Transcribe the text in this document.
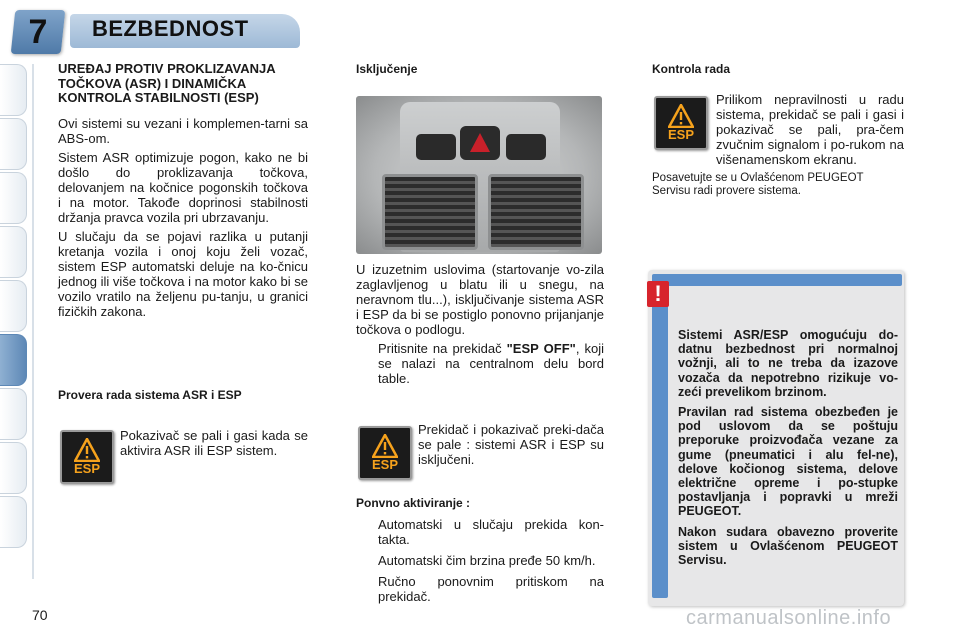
7	BEZBEDNOST
UREĐAJ PROTIV PROKLIZAVANJA TOČKOVA (ASR) I DINAMIČKA KONTROLA STABILNOSTI (ESP)

Ovi sistemi su vezani i komplemen-tarni sa ABS-om.

Sistem ASR optimizuje pogon, kako ne bi došlo do proklizavanja točkova, delovanjem na kočnice pogonskih točkova i na motor. Takođe doprinosi stabilnosti držanja pravca vozila pri ubrzavanju.

U slučaju da se pojavi razlika u putanji kretanja vozila i onoj koju želi vozač, sistem ESP automatski deluje na ko-čnicu jednog ili više točkova i na motor kako bi se vozilo vratilo na željenu pu-tanju, u granici fizičkih zakona.

Provera rada sistema ASR i ESP
ESP

Pokazivač se pali i gasi kada se aktivira ASR ili ESP sistem.

Isključenje

U izuzetnim uslovima (startovanje vo-zila zaglavljenog u blatu ili u snegu, na neravnom tlu...), isključivanje sistema ASR i ESP da bi se postiglo ponovno prijanjanje točkova o podlogu.

Pritisnite na prekidač "ESP OFF", koji se nalazi na centralnom delu bord table.
ESP

Prekidač i pokazivač preki-dača se pale : sistemi ASR i ESP su isključeni.

Ponvno aktiviranje :
Automatski u slučaju prekida kon-takta.
Automatski čim brzina pređe 50 km/h.
Ručno ponovnim pritiskom na prekidač.
Kontrola rada
ESP

Prilikom nepravilnosti u radu sistema, prekidač se pali i gasi i pokazivač se pali, pra-čem zvučnim signalom i po-rukom na višenamenskom ekranu.

Posavetujte se u Ovlašćenom PEUGEOT Servisu radi provere sistema.

!

Sistemi ASR/ESP omogućuju do-datnu bezbednost pri normalnoj vožnji, ali to ne treba da izazove vozača da nepotrebno rizikuje vo-zeći prevelikom brzinom.

Pravilan rad sistema obezbeđen je pod uslovom da se poštuju preporuke proizvođača vezane za gume (pneumatici i alu fel-ne), delove kočionog sistema, delove električne opreme i po-stupke postavljanja i popravki u mreži PEUGEOT.

Nakon sudara obavezno proverite sistem u Ovlašćenom PEUGEOT Servisu.

70	carmanualsonline.info
